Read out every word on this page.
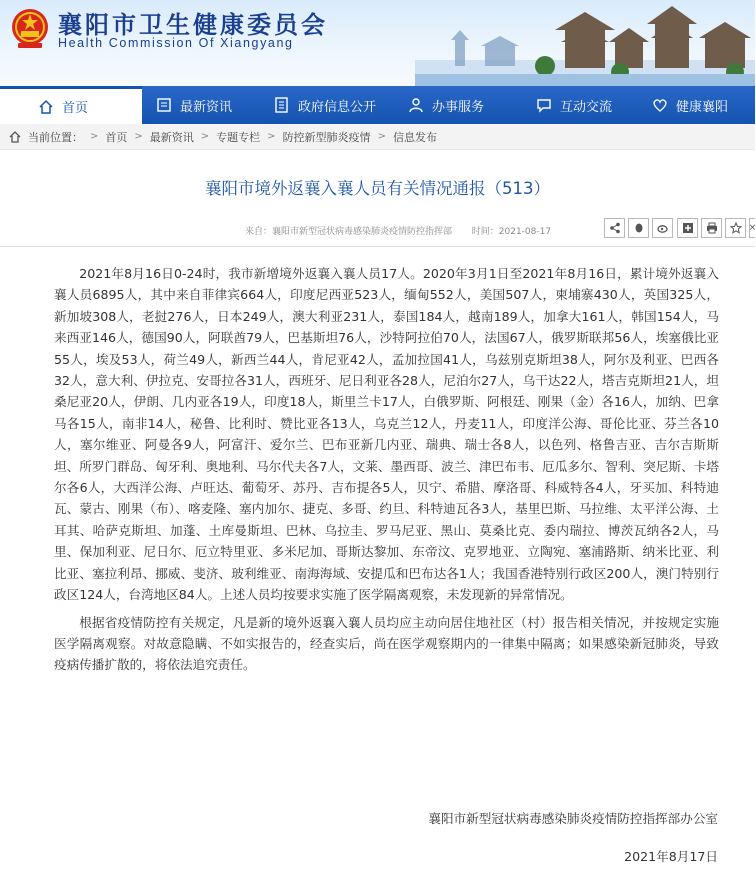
襄阳市卫生健康委员会
Health Commission Of Xiangyang
首页	最新资讯	政府信息公开	办事服务	互动交流	健康襄阳
当前位置： > 首页 > 最新资讯 > 专题专栏 > 防控新型肺炎疫情 > 信息发布
襄阳市境外返襄入襄人员有关情况通报（513）
来自：襄阳市新型冠状病毒感染肺炎疫情防控指挥部 时间：2021-08-17	×

2021年8月16日0-24时，我市新增境外返襄入襄人员17人。2020年3月1日至2021年8月16日，累计境外返襄入襄人员6895人，其中来自菲律宾664人，印度尼西亚523人，缅甸552人，美国507人，柬埔寨430人，英国325人，新加坡308人，老挝276人，日本249人，澳大利亚231人，泰国184人，越南189人，加拿大161人，韩国154人，马来西亚146人，德国90人，阿联酋79人，巴基斯坦76人，沙特阿拉伯70人，法国67人，俄罗斯联邦56人，埃塞俄比亚55人，埃及53人，荷兰49人，新西兰44人，肯尼亚42人，孟加拉国41人，乌兹别克斯坦38人，阿尔及利亚、巴西各32人，意大利、伊拉克、安哥拉各31人，西班牙、尼日利亚各28人，尼泊尔27人，乌干达22人，塔吉克斯坦21人，坦桑尼亚20人，伊朗、几内亚各19人，印度18人，斯里兰卡17人，白俄罗斯、阿根廷、刚果（金）各16人，加纳、巴拿马各15人，南非14人，秘鲁、比利时、赞比亚各13人，乌克兰12人，丹麦11人，印度洋公海、哥伦比亚、芬兰各10人，塞尔维亚、阿曼各9人，阿富汗、爱尔兰、巴布亚新几内亚、瑞典、瑞士各8人，以色列、格鲁吉亚、吉尔吉斯斯坦、所罗门群岛、匈牙利、奥地利、马尔代夫各7人，文莱、墨西哥、波兰、津巴布韦、厄瓜多尔、智利、突尼斯、卡塔尔各6人，大西洋公海、卢旺达、葡萄牙、苏丹、吉布提各5人，贝宁、希腊、摩洛哥、科威特各4人，牙买加、科特迪瓦、蒙古、刚果（布）、喀麦隆、塞内加尔、捷克、多哥、约旦、科特迪瓦各3人，基里巴斯、马拉维、太平洋公海、土耳其、哈萨克斯坦、加蓬、土库曼斯坦、巴林、乌拉圭、罗马尼亚、黑山、莫桑比克、委内瑞拉、博茨瓦纳各2人，马里、保加利亚、尼日尔、厄立特里亚、多米尼加、哥斯达黎加、东帝汶、克罗地亚、立陶宛、塞浦路斯、纳米比亚、利比亚、塞拉利昂、挪威、斐济、玻利维亚、南海海域、安提瓜和巴布达各1人；我国香港特别行政区200人，澳门特别行政区124人，台湾地区84人。上述人员均按要求实施了医学隔离观察，未发现新的异常情况。

根据省疫情防控有关规定，凡是新的境外返襄入襄人员均应主动向居住地社区（村）报告相关情况，并按规定实施医学隔离观察。对故意隐瞒、不如实报告的，经查实后，尚在医学观察期内的一律集中隔离；如果感染新冠肺炎，导致疫病传播扩散的，将依法追究责任。

襄阳市新型冠状病毒感染肺炎疫情防控指挥部办公室
2021年8月17日
